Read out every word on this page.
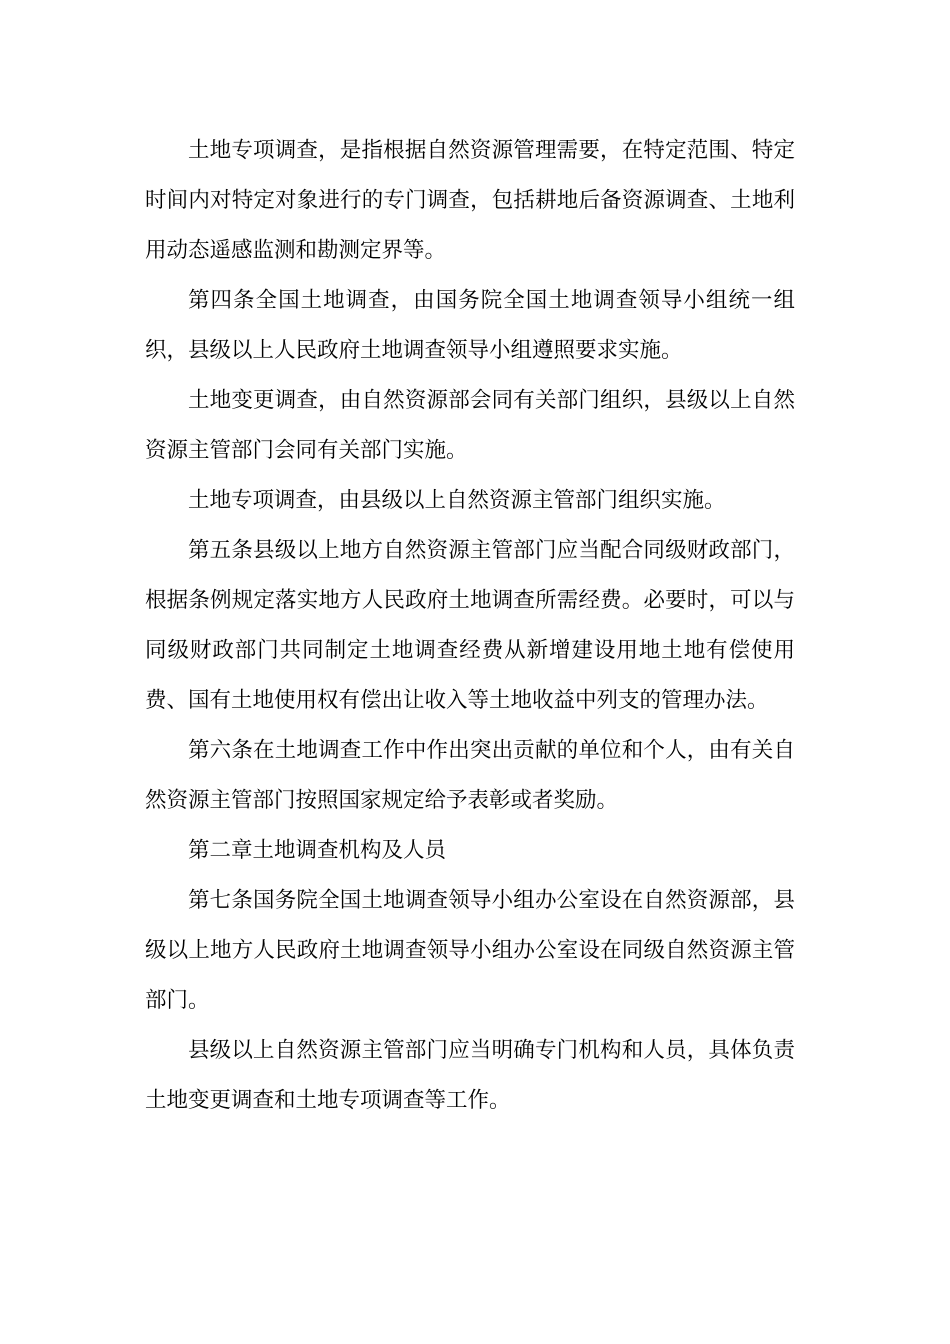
土地专项调查，是指根据自然资源管理需要，在特定范围、特定时间内对特定对象进行的专门调查，包括耕地后备资源调查、土地利用动态遥感监测和勘测定界等。

第四条全国土地调查，由国务院全国土地调查领导小组统一组织，县级以上人民政府土地调查领导小组遵照要求实施。

土地变更调查，由自然资源部会同有关部门组织，县级以上自然资源主管部门会同有关部门实施。

土地专项调查，由县级以上自然资源主管部门组织实施。

第五条县级以上地方自然资源主管部门应当配合同级财政部门，根据条例规定落实地方人民政府土地调查所需经费。必要时，可以与同级财政部门共同制定土地调查经费从新增建设用地土地有偿使用费、国有土地使用权有偿出让收入等土地收益中列支的管理办法。

第六条在土地调查工作中作出突出贡献的单位和个人，由有关自然资源主管部门按照国家规定给予表彰或者奖励。

第二章土地调查机构及人员

第七条国务院全国土地调查领导小组办公室设在自然资源部，县级以上地方人民政府土地调查领导小组办公室设在同级自然资源主管部门。

县级以上自然资源主管部门应当明确专门机构和人员，具体负责土地变更调查和土地专项调查等工作。
